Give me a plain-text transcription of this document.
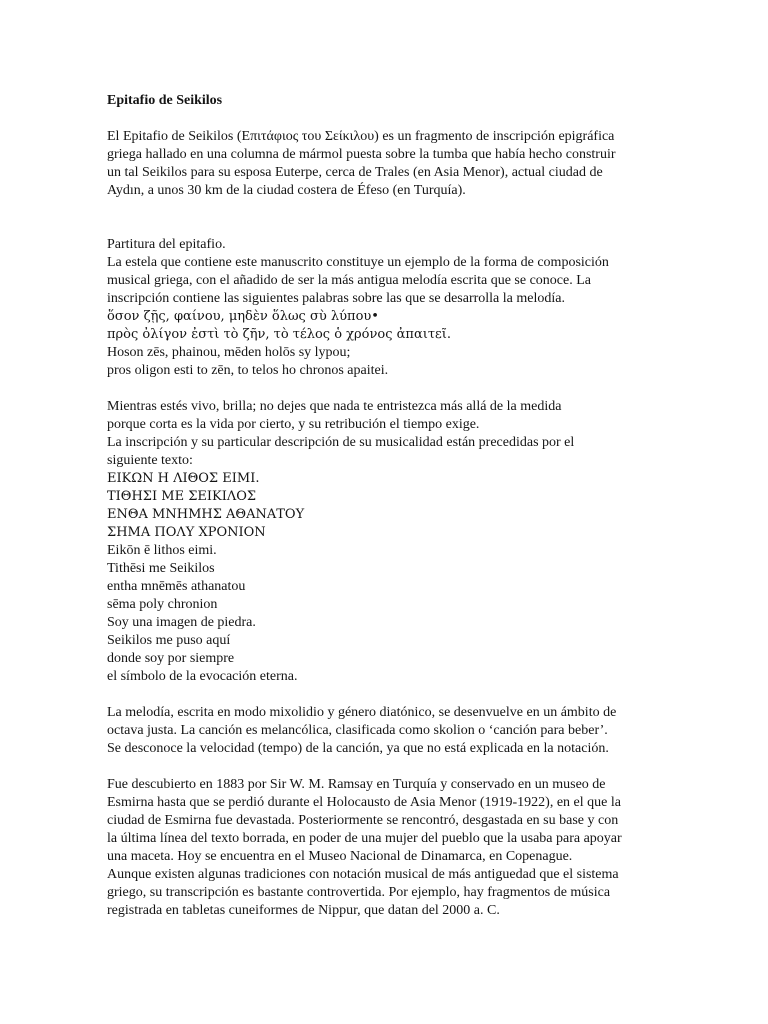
Epitafio de Seikilos

El Epitafio de Seikilos (Επιτάφιος του Σείκιλου) es un fragmento de inscripción epigráfica

griega hallado en una columna de mármol puesta sobre la tumba que había hecho construir

un tal Seikilos para su esposa Euterpe, cerca de Trales (en Asia Menor), actual ciudad de

Aydın, a unos 30 km de la ciudad costera de Éfeso (en Turquía).

Partitura del epitafio.

La estela que contiene este manuscrito constituye un ejemplo de la forma de composición

musical griega, con el añadido de ser la más antigua melodía escrita que se conoce. La

inscripción contiene las siguientes palabras sobre las que se desarrolla la melodía.

ὅσον ζῇς, φαίνου, μηδὲν ὅλως σὺ λύπου•

πρὸς ὀλίγον ἐστὶ τὸ ζῆν, τὸ τέλος ὁ χρόνος ἀπαιτεῖ.

Hoson zēs, phainou, mēden holōs sy lypou;

pros oligon esti to zēn, to telos ho chronos apaitei.

Mientras estés vivo, brilla; no dejes que nada te entristezca más allá de la medida

porque corta es la vida por cierto, y su retribución el tiempo exige.

La inscripción y su particular descripción de su musicalidad están precedidas por el

siguiente texto:

ΕΙΚΩΝ Η ΛΙΘΟΣ ΕΙΜΙ.

ΤΙΘΗΣΙ ΜΕ ΣΕΙΚΙΛΟΣ

ΕΝΘΑ ΜΝΗΜΗΣ ΑΘΑΝΑΤΟΥ

ΣΗΜΑ ΠΟΛΥ ΧΡΟΝΙΟΝ

Eikōn ē lithos eimi.

Tithēsi me Seikilos

entha mnēmēs athanatou

sēma poly chronion

Soy una imagen de piedra.

Seikilos me puso aquí

donde soy por siempre

el símbolo de la evocación eterna.

La melodía, escrita en modo mixolidio y género diatónico, se desenvuelve en un ámbito de

octava justa. La canción es melancólica, clasificada como skolion o ‘canción para beber’.

Se desconoce la velocidad (tempo) de la canción, ya que no está explicada en la notación.

Fue descubierto en 1883 por Sir W. M. Ramsay en Turquía y conservado en un museo de

Esmirna hasta que se perdió durante el Holocausto de Asia Menor (1919-1922), en el que la

ciudad de Esmirna fue devastada. Posteriormente se rencontró, desgastada en su base y con

la última línea del texto borrada, en poder de una mujer del pueblo que la usaba para apoyar

una maceta. Hoy se encuentra en el Museo Nacional de Dinamarca, en Copenague.

Aunque existen algunas tradiciones con notación musical de más antiguedad que el sistema

griego, su transcripción es bastante controvertida. Por ejemplo, hay fragmentos de música

registrada en tabletas cuneiformes de Nippur, que datan del 2000 a. C.
